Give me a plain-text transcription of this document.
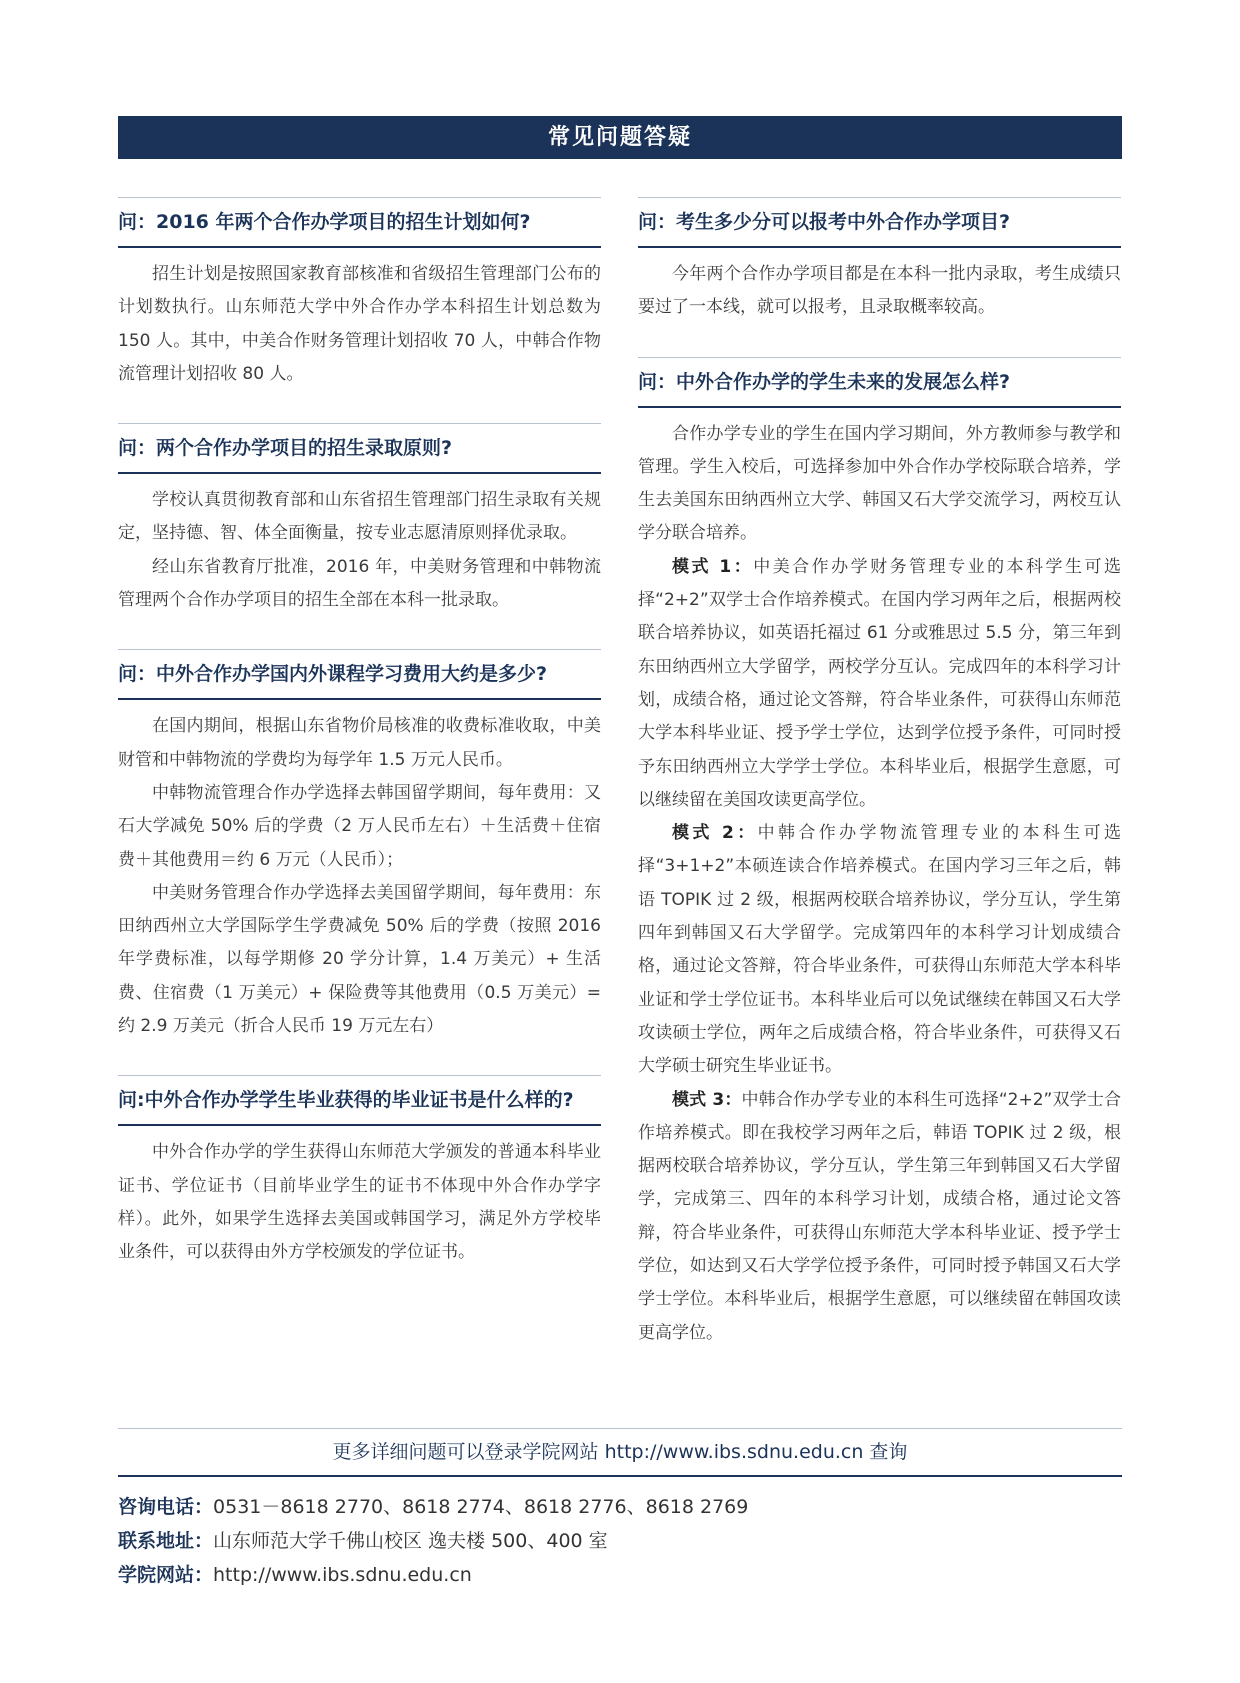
常见问题答疑
问：2016 年两个合作办学项目的招生计划如何?

招生计划是按照国家教育部核准和省级招生管理部门公布的计划数执行。山东师范大学中外合作办学本科招生计划总数为 150 人。其中，中美合作财务管理计划招收 70 人，中韩合作物流管理计划招收 80 人。

问：两个合作办学项目的招生录取原则?

学校认真贯彻教育部和山东省招生管理部门招生录取有关规定，坚持德、智、体全面衡量，按专业志愿清原则择优录取。

经山东省教育厅批准，2016 年，中美财务管理和中韩物流管理两个合作办学项目的招生全部在本科一批录取。

问：中外合作办学国内外课程学习费用大约是多少?

在国内期间，根据山东省物价局核准的收费标准收取，中美财管和中韩物流的学费均为每学年 1.5 万元人民币。

中韩物流管理合作办学选择去韩国留学期间，每年费用：又石大学减免 50% 后的学费（2 万人民币左右）＋生活费＋住宿费＋其他费用＝约 6 万元（人民币）；

中美财务管理合作办学选择去美国留学期间，每年费用：东田纳西州立大学国际学生学费减免 50% 后的学费（按照 2016 年学费标准，以每学期修 20 学分计算，1.4 万美元）+ 生活费、住宿费（1 万美元）+ 保险费等其他费用（0.5 万美元）= 约 2.9 万美元（折合人民币 19 万元左右）

问:中外合作办学学生毕业获得的毕业证书是什么样的?

中外合作办学的学生获得山东师范大学颁发的普通本科毕业证书、学位证书（目前毕业学生的证书不体现中外合作办学字样）。此外，如果学生选择去美国或韩国学习，满足外方学校毕业条件，可以获得由外方学校颁发的学位证书。

问：考生多少分可以报考中外合作办学项目?

今年两个合作办学项目都是在本科一批内录取，考生成绩只要过了一本线，就可以报考，且录取概率较高。

问：中外合作办学的学生未来的发展怎么样?

合作办学专业的学生在国内学习期间，外方教师参与教学和管理。学生入校后，可选择参加中外合作办学校际联合培养，学生去美国东田纳西州立大学、韩国又石大学交流学习，两校互认学分联合培养。

模式 1：中美合作办学财务管理专业的本科学生可选择“2+2”双学士合作培养模式。在国内学习两年之后，根据两校联合培养协议，如英语托福过 61 分或雅思过 5.5 分，第三年到东田纳西州立大学留学，两校学分互认。完成四年的本科学习计划，成绩合格，通过论文答辩，符合毕业条件，可获得山东师范大学本科毕业证、授予学士学位，达到学位授予条件，可同时授予东田纳西州立大学学士学位。本科毕业后，根据学生意愿，可以继续留在美国攻读更高学位。

模式 2：中韩合作办学物流管理专业的本科生可选择“3+1+2”本硕连读合作培养模式。在国内学习三年之后，韩语 TOPIK 过 2 级，根据两校联合培养协议，学分互认，学生第四年到韩国又石大学留学。完成第四年的本科学习计划成绩合格，通过论文答辩，符合毕业条件，可获得山东师范大学本科毕业证和学士学位证书。本科毕业后可以免试继续在韩国又石大学攻读硕士学位，两年之后成绩合格，符合毕业条件，可获得又石大学硕士研究生毕业证书。

模式 3：中韩合作办学专业的本科生可选择“2+2”双学士合作培养模式。即在我校学习两年之后，韩语 TOPIK 过 2 级，根据两校联合培养协议，学分互认，学生第三年到韩国又石大学留学，完成第三、四年的本科学习计划，成绩合格，通过论文答辩，符合毕业条件，可获得山东师范大学本科毕业证、授予学士学位，如达到又石大学学位授予条件，可同时授予韩国又石大学学士学位。本科毕业后，根据学生意愿，可以继续留在韩国攻读更高学位。

更多详细问题可以登录学院网站 http://www.ibs.sdnu.edu.cn 查询
咨询电话：0531－8618 2770、8618 2774、8618 2776、8618 2769
联系地址：山东师范大学千佛山校区 逸夫楼 500、400 室
学院网站：http://www.ibs.sdnu.edu.cn
